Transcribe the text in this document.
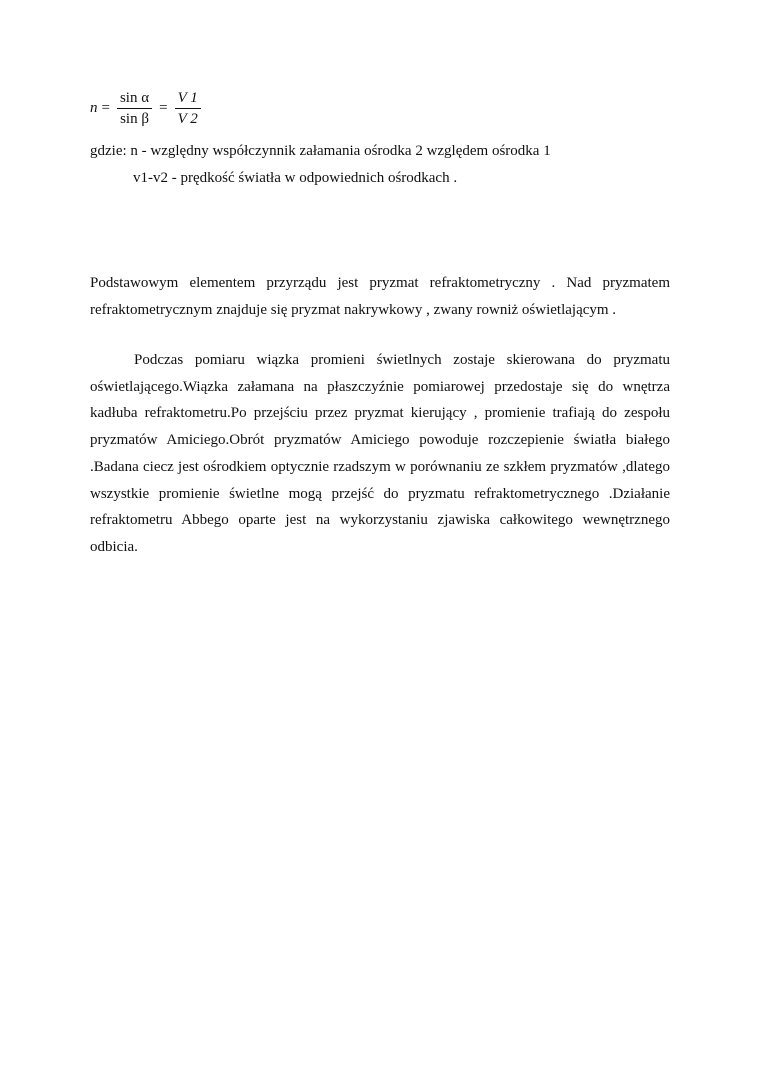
$n = \frac{\text{sin α}}{\text{sin β}} = \frac{V 1}{V 2}$
gdzie: n - względny współczynnik załamania ośrodka 2 względem ośrodka 1
v1-v2 - prędkość światła w odpowiednich ośrodkach .

Podstawowym elementem przyrządu jest pryzmat refraktometryczny . Nad pryzmatem refraktometrycznym znajduje się pryzmat nakrywkowy , zwany rowniż oświetlającym .

Podczas pomiaru wiązka promieni świetlnych zostaje skierowana do pryzmatu oświetlającego.Wiązka załamana na płaszczyźnie pomiarowej przedostaje się do wnętrza kadłuba refraktometru.Po przejściu przez pryzmat kierujący , promienie trafiają do zespołu pryzmatów Amiciego.Obrót pryzmatów Amiciego powoduje rozczepienie światła białego .Badana ciecz jest ośrodkiem optycznie rzadszym w porównaniu ze szkłem pryzmatów ,dlatego wszystkie promienie świetlne mogą przejść do pryzmatu refraktometrycznego .Działanie refraktometru Abbego oparte jest na wykorzystaniu zjawiska całkowitego wewnętrznego odbicia.
